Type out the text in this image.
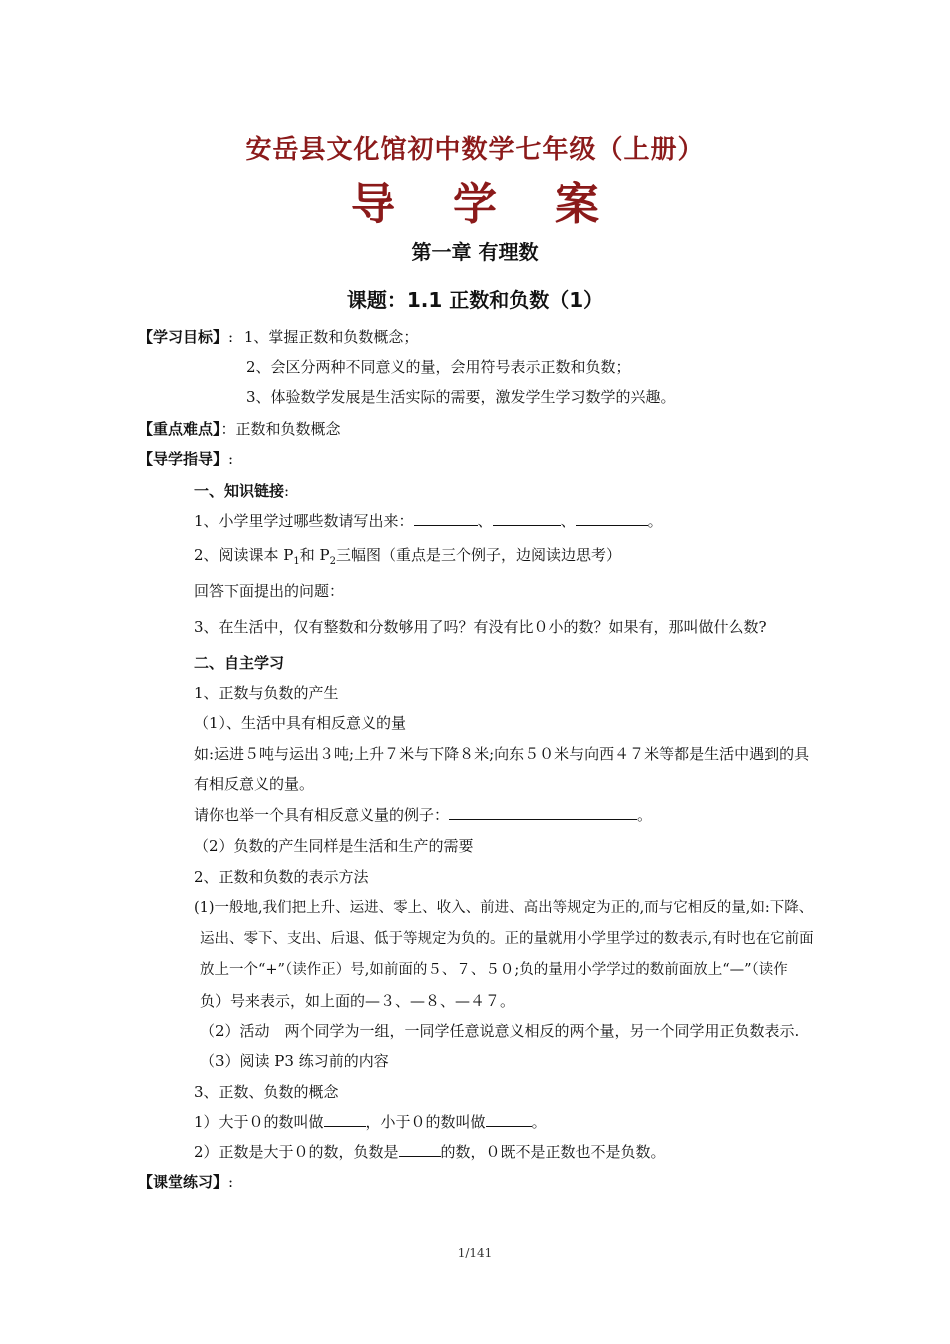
安岳县文化馆初中数学七年级（上册）
导学案
第一章 有理数
课题：1.1 正数和负数（1）
【学习目标】: 1、掌握正数和负数概念；
2、会区分两种不同意义的量，会用符号表示正数和负数；
3、体验数学发展是生活实际的需要，激发学生学习数学的兴趣。
【重点难点】：正数和负数概念
【导学指导】:
一、知识链接:
1、小学里学过哪些数请写出来：	、	、	。
2、阅读课本 $P_1$和 $P_2$三幅图（重点是三个例子，边阅读边思考）
回答下面提出的问题：
3、在生活中，仅有整数和分数够用了吗？有没有比０小的数？如果有，那叫做什么数?
二、自主学习
1、正数与负数的产生
（1）、生活中具有相反意义的量
如:运进５吨与运出３吨;上升７米与下降８米;向东５０米与向西４７米等都是生活中遇到的具
有相反意义的量。
请你也举一个具有相反意义量的例子：	。
（2）负数的产生同样是生活和生产的需要
2、正数和负数的表示方法
(1)一般地,我们把上升、运进、零上、收入、前进、高出等规定为正的,而与它相反的量,如:下降、
运出、零下、支出、后退、低于等规定为负的。正的量就用小学里学过的数表示,有时也在它前面
放上一个“+”（读作正）号,如前面的５、７、５０;负的量用小学学过的数前面放上“—”（读作
负）号来表示，如上面的—３、—８、—４７。
（2）活动　两个同学为一组，一同学任意说意义相反的两个量，另一个同学用正负数表示.
（3）阅读 P3 练习前的内容
3、正数、负数的概念
1）大于０的数叫做	，小于０的数叫做	。
2）正数是大于０的数，负数是	的数，０既不是正数也不是负数。
【课堂练习】:
1/141
